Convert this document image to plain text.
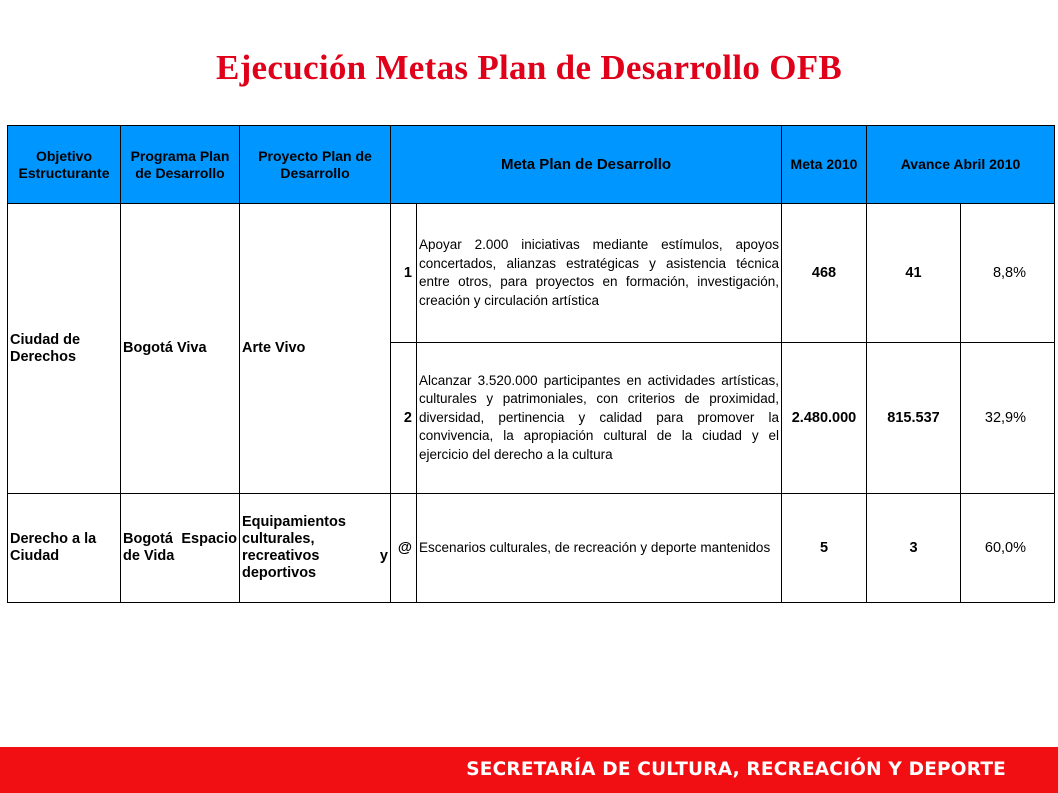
Ejecución Metas Plan de Desarrollo OFB
Objetivo Estructurante	Programa Plan de Desarrollo	Proyecto Plan de Desarrollo	Meta Plan de Desarrollo		Meta 2010	Avance Abril 2010	
Ciudad de Derechos	Bogotá Viva	Arte Vivo	1	Apoyar 2.000 iniciativas mediante estímulos, apoyos concertados, alianzas estratégicas y asistencia técnica entre otros, para proyectos en formación, investigación, creación y circulación artística	468	41	8,8%
			2	Alcanzar 3.520.000 participantes en actividades artísticas, culturales y patrimoniales, con criterios de proximidad, diversidad, pertinencia y calidad para promover la convivencia, la apropiación cultural de la ciudad y el ejercicio del derecho a la cultura	2.480.000	815.537	32,9%
Derecho a la Ciudad	Bogotá Espacio de Vida	Equipamientos culturales, recreativos y deportivos	@	Escenarios culturales, de recreación y deporte mantenidos	5	3	60,0%
SECRETARÍA DE CULTURA, RECREACIÓN Y DEPORTE
